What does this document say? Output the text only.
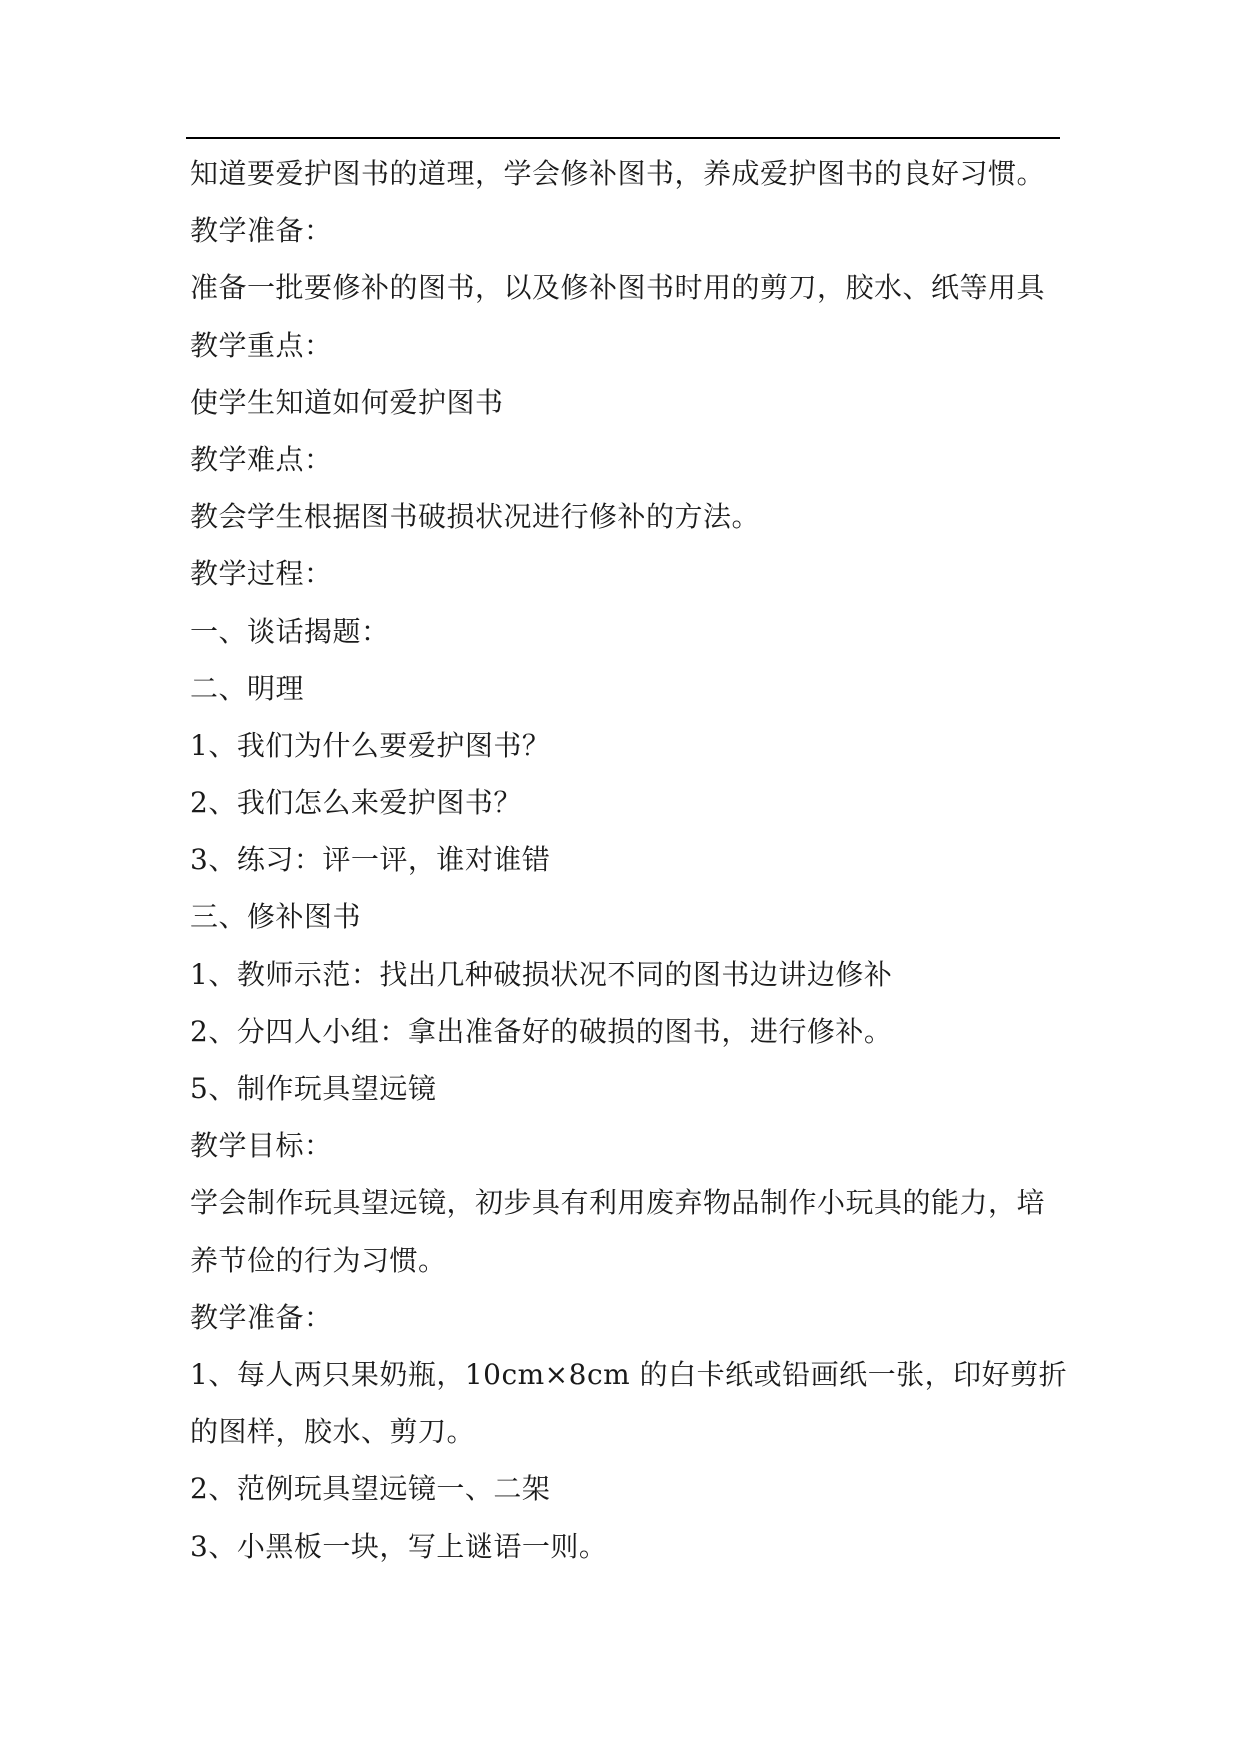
知道要爱护图书的道理，学会修补图书，养成爱护图书的良好习惯。
教学准备：
准备一批要修补的图书，以及修补图书时用的剪刀，胶水、纸等用具
教学重点：
使学生知道如何爱护图书
教学难点：
教会学生根据图书破损状况进行修补的方法。
教学过程：
一、谈话揭题：
二、明理
1、我们为什么要爱护图书？
2、我们怎么来爱护图书？
3、练习：评一评，谁对谁错
三、修补图书
1、教师示范：找出几种破损状况不同的图书边讲边修补
2、分四人小组：拿出准备好的破损的图书，进行修补。
5、制作玩具望远镜
教学目标：
学会制作玩具望远镜，初步具有利用废弃物品制作小玩具的能力，培
养节俭的行为习惯。
教学准备：
1、每人两只果奶瓶，10cm×8cm 的白卡纸或铅画纸一张，印好剪折
的图样，胶水、剪刀。
2、范例玩具望远镜一、二架
3、小黑板一块，写上谜语一则。
